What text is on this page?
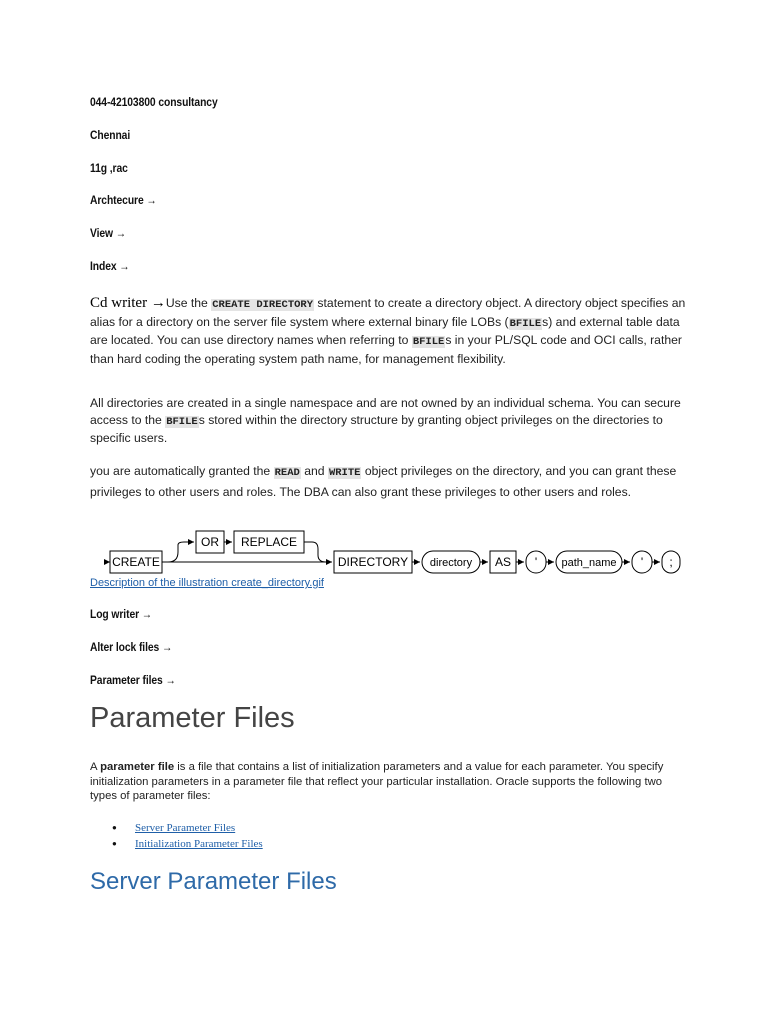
044-42103800 consultancy
Chennai
11g ,rac
Archtecure →
View →
Index →
Cd writer →Use the CREATE DIRECTORY statement to create a directory object. A directory object specifies an alias for a directory on the server file system where external binary file LOBs (BFILEs) and external table data are located. You can use directory names when referring to BFILEs in your PL/SQL code and OCI calls, rather than hard coding the operating system path name, for management flexibility.
All directories are created in a single namespace and are not owned by an individual schema. You can secure access to the BFILEs stored within the directory structure by granting object privileges on the directories to specific users.
you are automatically granted the READ and WRITE object privileges on the directory, and you can grant these privileges to other users and roles. The DBA can also grant these privileges to other users and roles.
CREATE
OR REPLACE
DIRECTORY directory AS ' path_name ' ;
Description of the illustration create_directory.gif
Log writer →
Alter lock files →
Parameter files →
Parameter Files
A parameter file is a file that contains a list of initialization parameters and a value for each parameter. You specify initialization parameters in a parameter file that reflect your particular installation. Oracle supports the following two types of parameter files:
● Server Parameter Files
● Initialization Parameter Files
Server Parameter Files
